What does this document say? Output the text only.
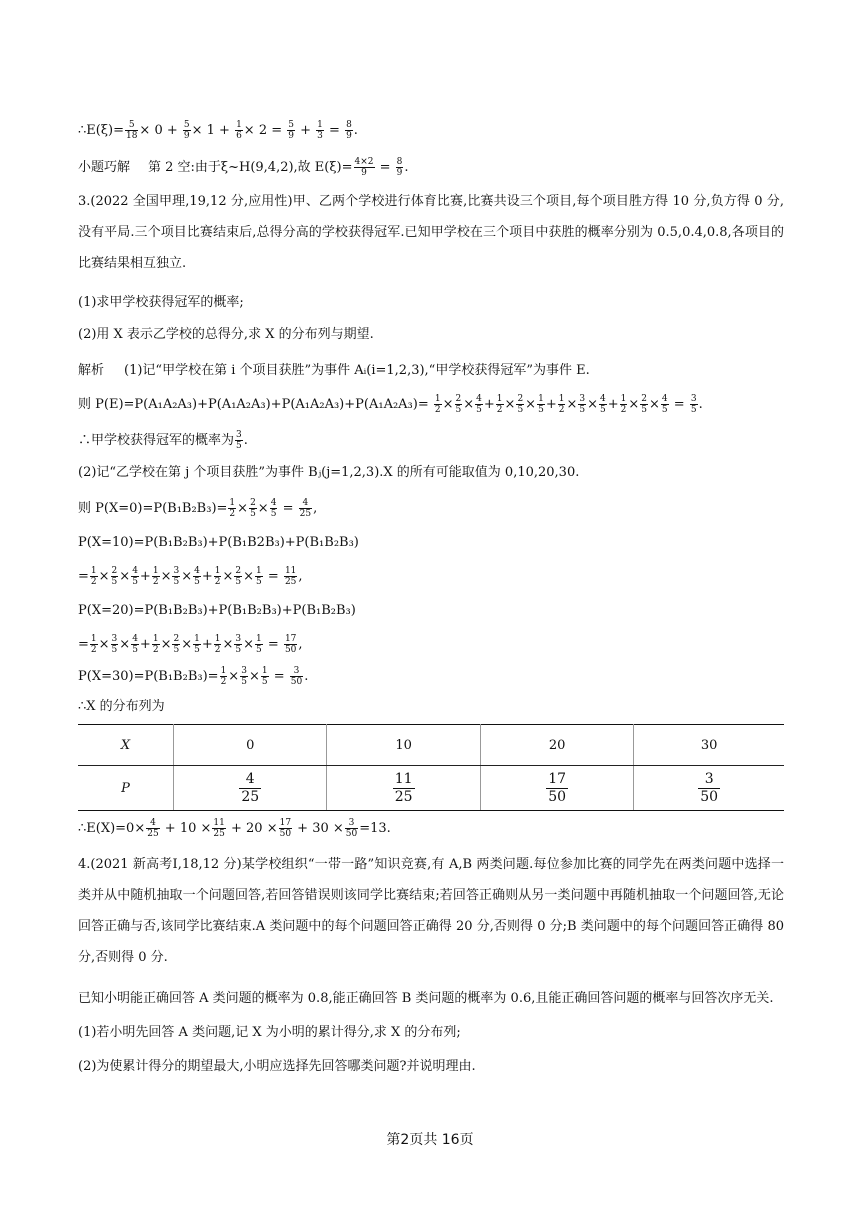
∴E(ξ)= $\frac{5}{18} \times 0 + \frac{5}{9} \times 1 + \frac{1}{6} \times 2 = \frac{5}{9} + \frac{1}{3} = \frac{8}{9}$ .
小题巧解 第 2 空:由于ξ~H(9,4,2),故 $E(\xi)= \frac{4\times 2}{9} = \frac{8}{9}$ .
3.(2022 全国甲理,19,12 分,应用性)甲、乙两个学校进行体育比赛,比赛共设三个项目,每个项目胜方得 10 分,负方得 0 分,没有平局.三个项目比赛结束后,总得分高的学校获得冠军.已知甲学校在三个项目中获胜的概率分别为 0.5,0.4,0.8,各项目的比赛结果相互独立.
(1)求甲学校获得冠军的概率;
(2)用 X 表示乙学校的总得分,求 X 的分布列与期望.
解析 (1)记“甲学校在第 i 个项目获胜”为事件 Aᵢ(i=1,2,3),“甲学校获得冠军”为事件 E.
则 $P(E)=P(A_1A_2A_3)+P(A_1A_2A_3)+P(A_1A_2A_3)+P(A_1A_2A_3)= \frac{1}{2} \times \frac{2}{5} \times \frac{4}{5} + \frac{1}{2} \times \frac{2}{5} \times \frac{1}{5} + \frac{1}{2} \times \frac{3}{5} \times \frac{4}{5} + \frac{1}{2} \times \frac{2}{5} \times \frac{4}{5} = \frac{3}{5}$ .
∴甲学校获得冠军的概率为 $\frac{3}{5}$ .
(2)记“乙学校在第 j 个项目获胜”为事件 Bⱼ(j=1,2,3).X 的所有可能取值为 0,10,20,30.
则 $P(X=0)=P(B_1B_2B_3)= \frac{1}{2} \times \frac{2}{5} \times \frac{4}{5} = \frac{4}{25}$ ,
P(X=10)=P(B₁B₂B₃)+P(B₁B2B₃)+P(B₁B₂B₃)
= $\frac{1}{2} \times \frac{2}{5} \times \frac{4}{5} + \frac{1}{2} \times \frac{3}{5} \times \frac{4}{5} + \frac{1}{2} \times \frac{2}{5} \times \frac{1}{5} = \frac{11}{25}$ ,
P(X=20)=P(B₁B₂B₃)+P(B₁B₂B₃)+P(B₁B₂B₃)
= $\frac{1}{2} \times \frac{3}{5} \times \frac{4}{5} + \frac{1}{2} \times \frac{2}{5} \times \frac{1}{5} + \frac{1}{2} \times \frac{3}{5} \times \frac{1}{5} = \frac{17}{50}$ ,
$P(X=30)=P(B_1B_2B_3)= \frac{1}{2} \times \frac{3}{5} \times \frac{1}{5} = \frac{3}{50}$ .
∴X 的分布列为
X	0	10	20	30
P	$\frac{4}{25}$	$\frac{11}{25}$	$\frac{17}{50}$	$\frac{3}{50}$
∴E(X)=0× $\frac{4}{25} + 10 \times \frac{11}{25} + 20 \times \frac{17}{50} + 30 \times \frac{3}{50} =13$.
4.(2021 新高考Ⅰ,18,12 分)某学校组织“一带一路”知识竞赛,有 A,B 两类问题.每位参加比赛的同学先在两类问题中选择一类并从中随机抽取一个问题回答,若回答错误则该同学比赛结束;若回答正确则从另一类问题中再随机抽取一个问题回答,无论回答正确与否,该同学比赛结束.A 类问题中的每个问题回答正确得 20 分,否则得 0 分;B 类问题中的每个问题回答正确得 80 分,否则得 0 分.
已知小明能正确回答 A 类问题的概率为 0.8,能正确回答 B 类问题的概率为 0.6,且能正确回答问题的概率与回答次序无关.
(1)若小明先回答 A 类问题,记 X 为小明的累计得分,求 X 的分布列;
(2)为使累计得分的期望最大,小明应选择先回答哪类问题?并说明理由.
第2页共 16页
